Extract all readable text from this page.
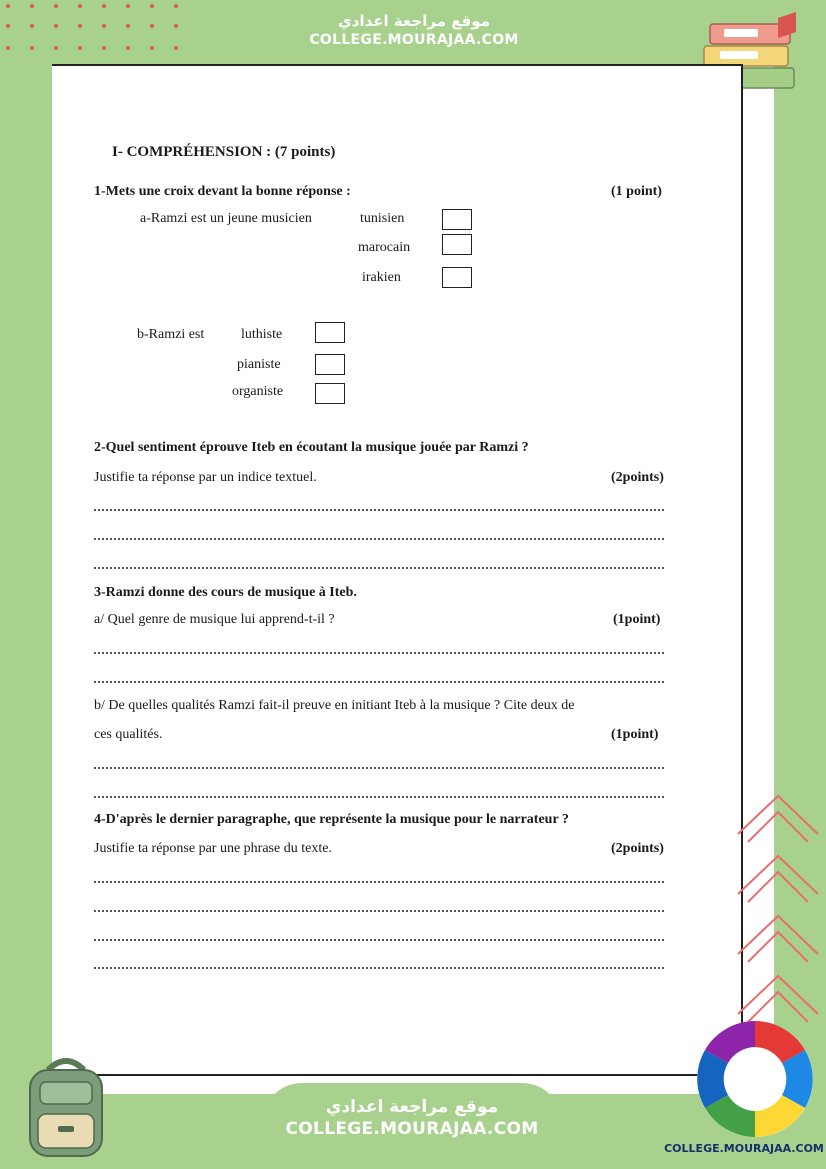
موقع مراجعة اعدادي
COLLEGE.MOURAJAA.COM
I- COMPRÉHENSION : (7 points)
1-Mets une croix devant la bonne réponse :	(1 point)
a-Ramzi est un jeune musicien	tunisien
marocain
irakien
b-Ramzi est	luthiste
pianiste
organiste
2-Quel sentiment éprouve Iteb en écoutant la musique jouée par Ramzi ?
Justifie ta réponse par un indice textuel.	(2points)
3-Ramzi donne des cours de musique à Iteb.
a/ Quel genre de musique lui apprend-t-il ?	(1point)
b/ De quelles qualités Ramzi fait-il preuve en initiant Iteb à la musique ? Cite deux de
ces qualités.	(1point)
4-D'après le dernier paragraphe, que représente la musique pour le narrateur ?
Justifie ta réponse par une phrase du texte.	(2points)
موقع مراجعة اعدادي
COLLEGE.MOURAJAA.COM
COLLEGE.MOURAJAA.COM
